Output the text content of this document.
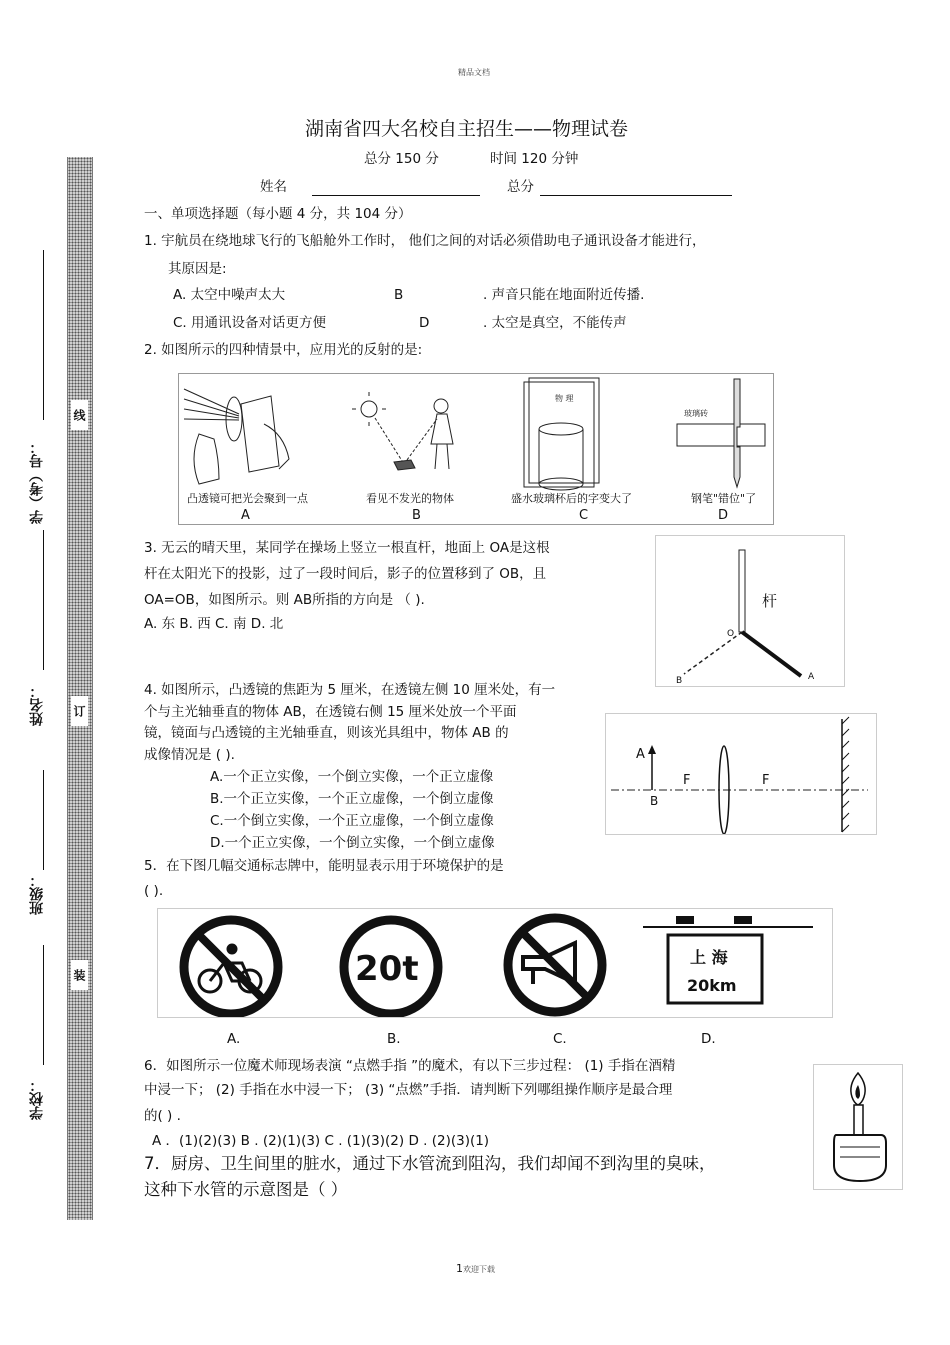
精品文档
线
订
装
学（考）号：
姓名：
班级：
学校：
湖南省四大名校自主招生——物理试卷
总分 150 分	时间 120 分钟
姓名	总分
一、单项选择题（每小题 4 分，共 104 分）
1. 宇航员在绕地球飞行的飞船舱外工作时， 他们之间的对话必须借助电子通讯设备才能进行，
其原因是:
A. 太空中噪声太大	B	. 声音只能在地面附近传播.
C. 用通讯设备对话更方便	D	. 太空是真空，不能传声
2. 如图所示的四种情景中，应用光的反射的是:
物 理
玻璃砖
凸透镜可把光会聚到一点	看见不发光的物体	盛水玻璃杯后的字变大了	钢笔"错位"了
A	B	C	D
3. 无云的晴天里，某同学在操场上竖立一根直杆，地面上 OA是这根
杆在太阳光下的投影，过了一段时间后，影子的位置移到了 OB，且
OA=OB，如图所示。则 AB所指的方向是 （ ).
A. 东 B. 西 C. 南 D. 北
杆
O
A
B
4. 如图所示，凸透镜的焦距为 5 厘米，在透镜左侧 10 厘米处，有一
个与主光轴垂直的物体 AB，在透镜右侧 15 厘米处放一个平面
镜，镜面与凸透镜的主光轴垂直，则该光具组中，物体 AB 的
成像情况是 ( ).
A.一个正立实像，一个倒立实像，一个正立虚像
B.一个正立实像，一个正立虚像，一个倒立虚像
C.一个倒立实像，一个正立虚像，一个倒立虚像
D.一个正立实像，一个倒立实像，一个倒立虚像
A
B
F	F
5．在下图几幅交通标志牌中，能明显表示用于环境保护的是
( ).
20t	上 海
20km
A.	B.	C.	D.
6．如图所示一位魔术师现场表演 “点燃手指 ”的魔术，有以下三步过程： (1) 手指在酒精
中浸一下； (2) 手指在水中浸一下； (3) “点燃”手指．请判断下列哪组操作顺序是最合理
的( ) .
A ．(1)(2)(3) B . (2)(1)(3) C . (1)(3)(2) D . (2)(3)(1)
7．厨房、卫生间里的脏水，通过下水管流到阻沟，我们却闻不到沟里的臭味，
这种下水管的示意图是（ ）
1 欢迎下载
